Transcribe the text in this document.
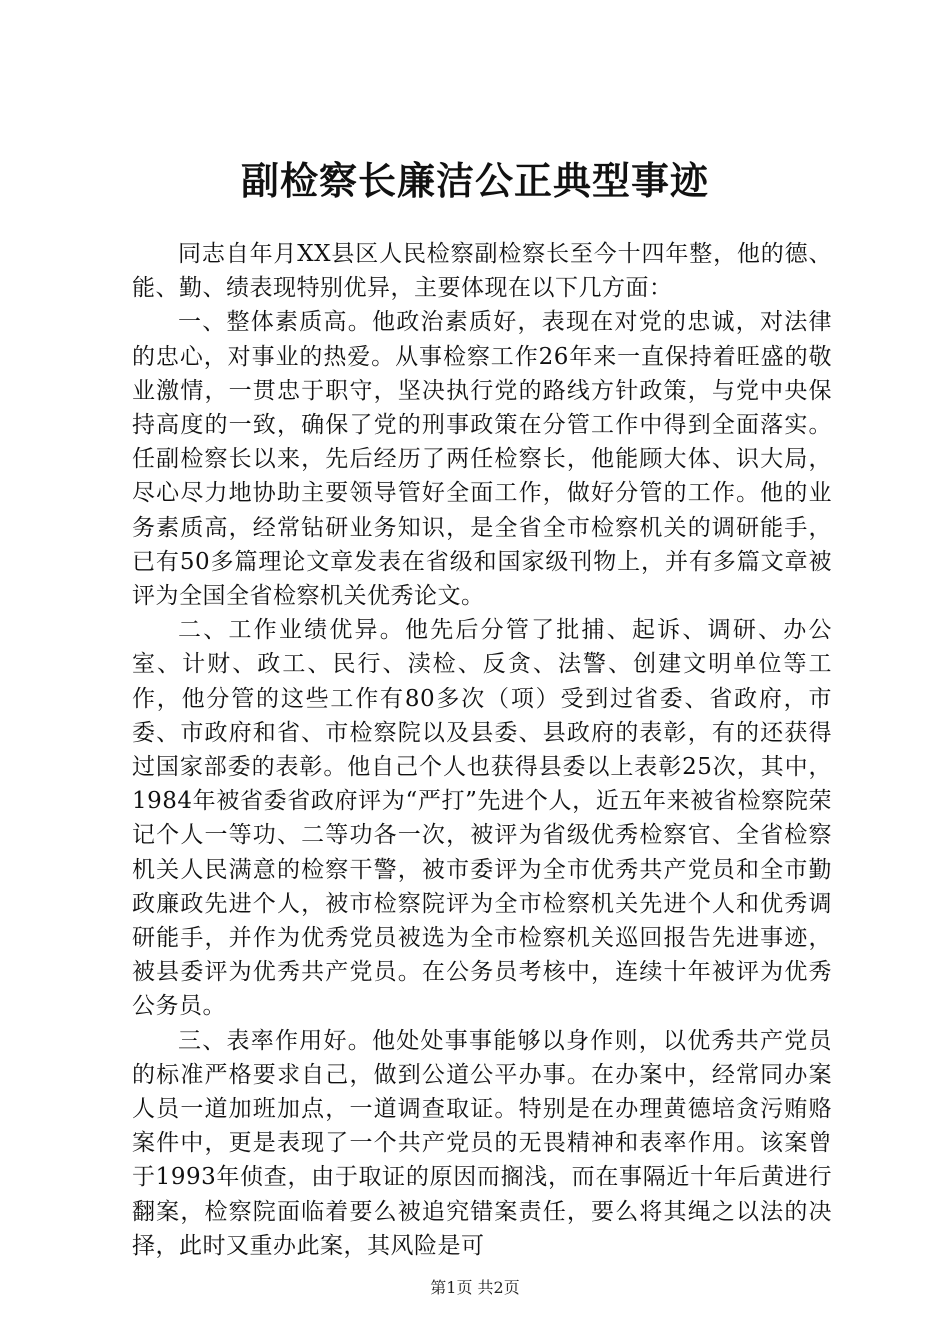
副检察长廉洁公正典型事迹

同志自年月XX县区人民检察副检察长至今十四年整，他的德、能、勤、绩表现特别优异，主要体现在以下几方面：

一、整体素质高。他政治素质好，表现在对党的忠诚，对法律的忠心，对事业的热爱。从事检察工作26年来一直保持着旺盛的敬业激情，一贯忠于职守，坚决执行党的路线方针政策，与党中央保持高度的一致，确保了党的刑事政策在分管工作中得到全面落实。任副检察长以来，先后经历了两任检察长，他能顾大体、识大局，尽心尽力地协助主要领导管好全面工作，做好分管的工作。他的业务素质高，经常钻研业务知识，是全省全市检察机关的调研能手，已有50多篇理论文章发表在省级和国家级刊物上，并有多篇文章被评为全国全省检察机关优秀论文。

二、工作业绩优异。他先后分管了批捕、起诉、调研、办公室、计财、政工、民行、渎检、反贪、法警、创建文明单位等工作，他分管的这些工作有80多次（项）受到过省委、省政府，市委、市政府和省、市检察院以及县委、县政府的表彰，有的还获得过国家部委的表彰。他自己个人也获得县委以上表彰25次，其中，1984年被省委省政府评为“严打”先进个人，近五年来被省检察院荣记个人一等功、二等功各一次，被评为省级优秀检察官、全省检察机关人民满意的检察干警，被市委评为全市优秀共产党员和全市勤政廉政先进个人，被市检察院评为全市检察机关先进个人和优秀调研能手，并作为优秀党员被选为全市检察机关巡回报告先进事迹，被县委评为优秀共产党员。在公务员考核中，连续十年被评为优秀公务员。

三、表率作用好。他处处事事能够以身作则，以优秀共产党员的标准严格要求自己，做到公道公平办事。在办案中，经常同办案人员一道加班加点，一道调查取证。特别是在办理黄德培贪污贿赂案件中，更是表现了一个共产党员的无畏精神和表率作用。该案曾于1993年侦查，由于取证的原因而搁浅，而在事隔近十年后黄进行翻案，检察院面临着要么被追究错案责任，要么将其绳之以法的决择，此时又重办此案，其风险是可

第1页 共2页
